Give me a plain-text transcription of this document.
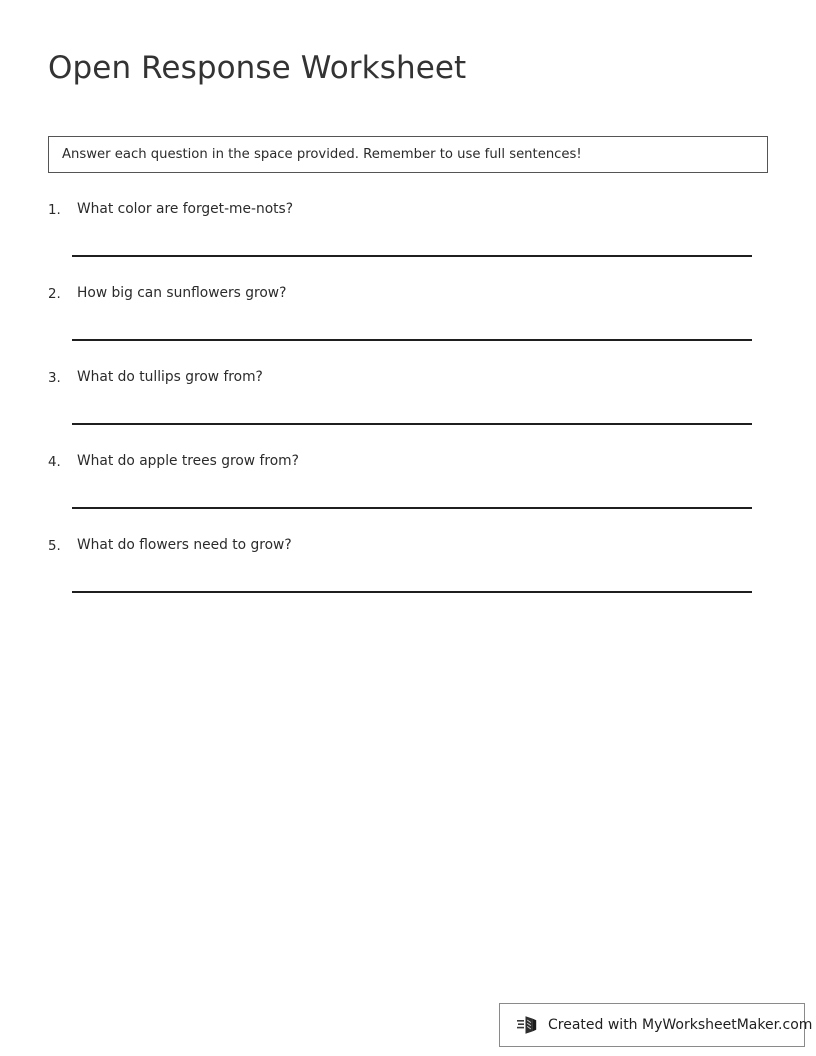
Open Response Worksheet
Answer each question in the space provided. Remember to use full sentences!
1.	What color are forget-me-nots?
2.	How big can sunflowers grow?
3.	What do tullips grow from?
4.	What do apple trees grow from?
5.	What do flowers need to grow?
Created with MyWorksheetMaker.com
